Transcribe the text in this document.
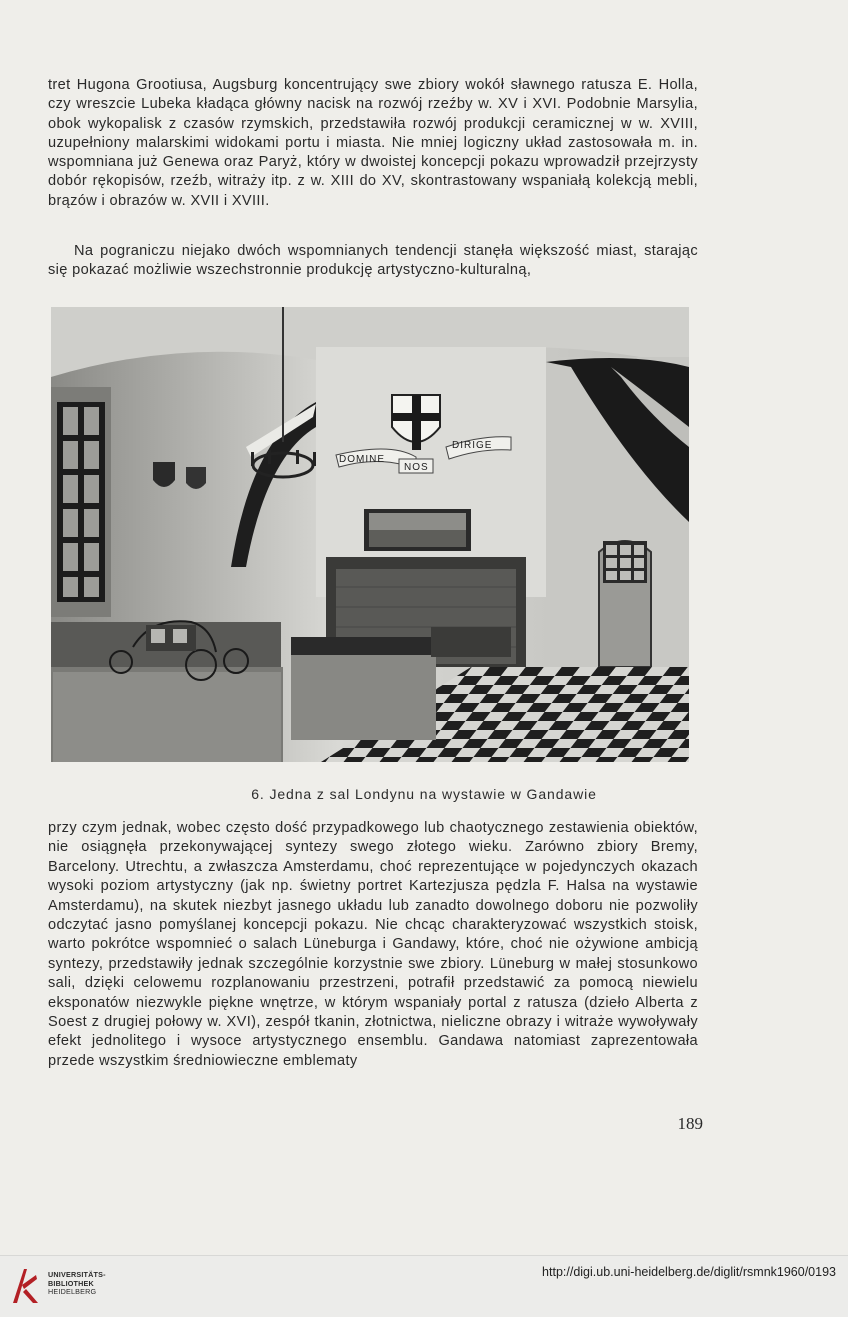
tret Hugona Grootiusa, Augsburg koncentrujący swe zbiory wokół sławnego ratusza E. Holla, czy wreszcie Lubeka kładąca główny nacisk na rozwój rzeźby w. XV i XVI. Podobnie Marsylia, obok wykopalisk z czasów rzymskich, przedstawiła rozwój produkcji ceramicznej w w. XVIII, uzupełniony malarskimi widokami portu i miasta. Nie mniej logiczny układ zastosowała m. in. wspomniana już Genewa oraz Paryż, który w dwoistej koncepcji pokazu wprowadził przejrzysty dobór rękopisów, rzeźb, witraży itp. z w. XIII do XV, skontrastowany wspaniałą kolekcją mebli, brązów i obrazów w. XVII i XVIII.

Na pograniczu niejako dwóch wspomnianych tendencji stanęła większość miast, starając się pokazać możliwie wszechstronnie produkcję artystyczno-kulturalną,

DOMINE
DIRIGE
NOS
6. Jedna z sal Londynu na wystawie w Gandawie

przy czym jednak, wobec często dość przypadkowego lub chaotycznego zestawienia obiektów, nie osiągnęła przekonywającej syntezy swego złotego wieku. Zarówno zbiory Bremy, Barcelony. Utrechtu, a zwłaszcza Amsterdamu, choć reprezentujące w pojedynczych okazach wysoki poziom artystyczny (jak np. świetny portret Kartezjusza pędzla F. Halsa na wystawie Amsterdamu), na skutek niezbyt jasnego układu lub zanadto dowolnego doboru nie pozwoliły odczytać jasno pomyślanej koncepcji pokazu. Nie chcąc charakteryzować wszystkich stoisk, warto pokrótce wspomnieć o salach Lüneburga i Gandawy, które, choć nie ożywione ambicją syntezy, przedstawiły jednak szczególnie korzystnie swe zbiory. Lüneburg w małej stosunkowo sali, dzięki celowemu rozplanowaniu przestrzeni, potrafił przedstawić za pomocą niewielu eksponatów niezwykle piękne wnętrze, w którym wspaniały portal z ratusza (dzieło Alberta z Soest z drugiej połowy w. XVI), zespół tkanin, złotnictwa, nieliczne obrazy i witraże wywoływały efekt jednolitego i wysoce artystycznego ensemblu. Gandawa natomiast zaprezentowała przede wszystkim średniowieczne emblematy

189
UNIVERSITÄTS-
BIBLIOTHEK
HEIDELBERG
http://digi.ub.uni-heidelberg.de/diglit/rsmnk1960/0193
